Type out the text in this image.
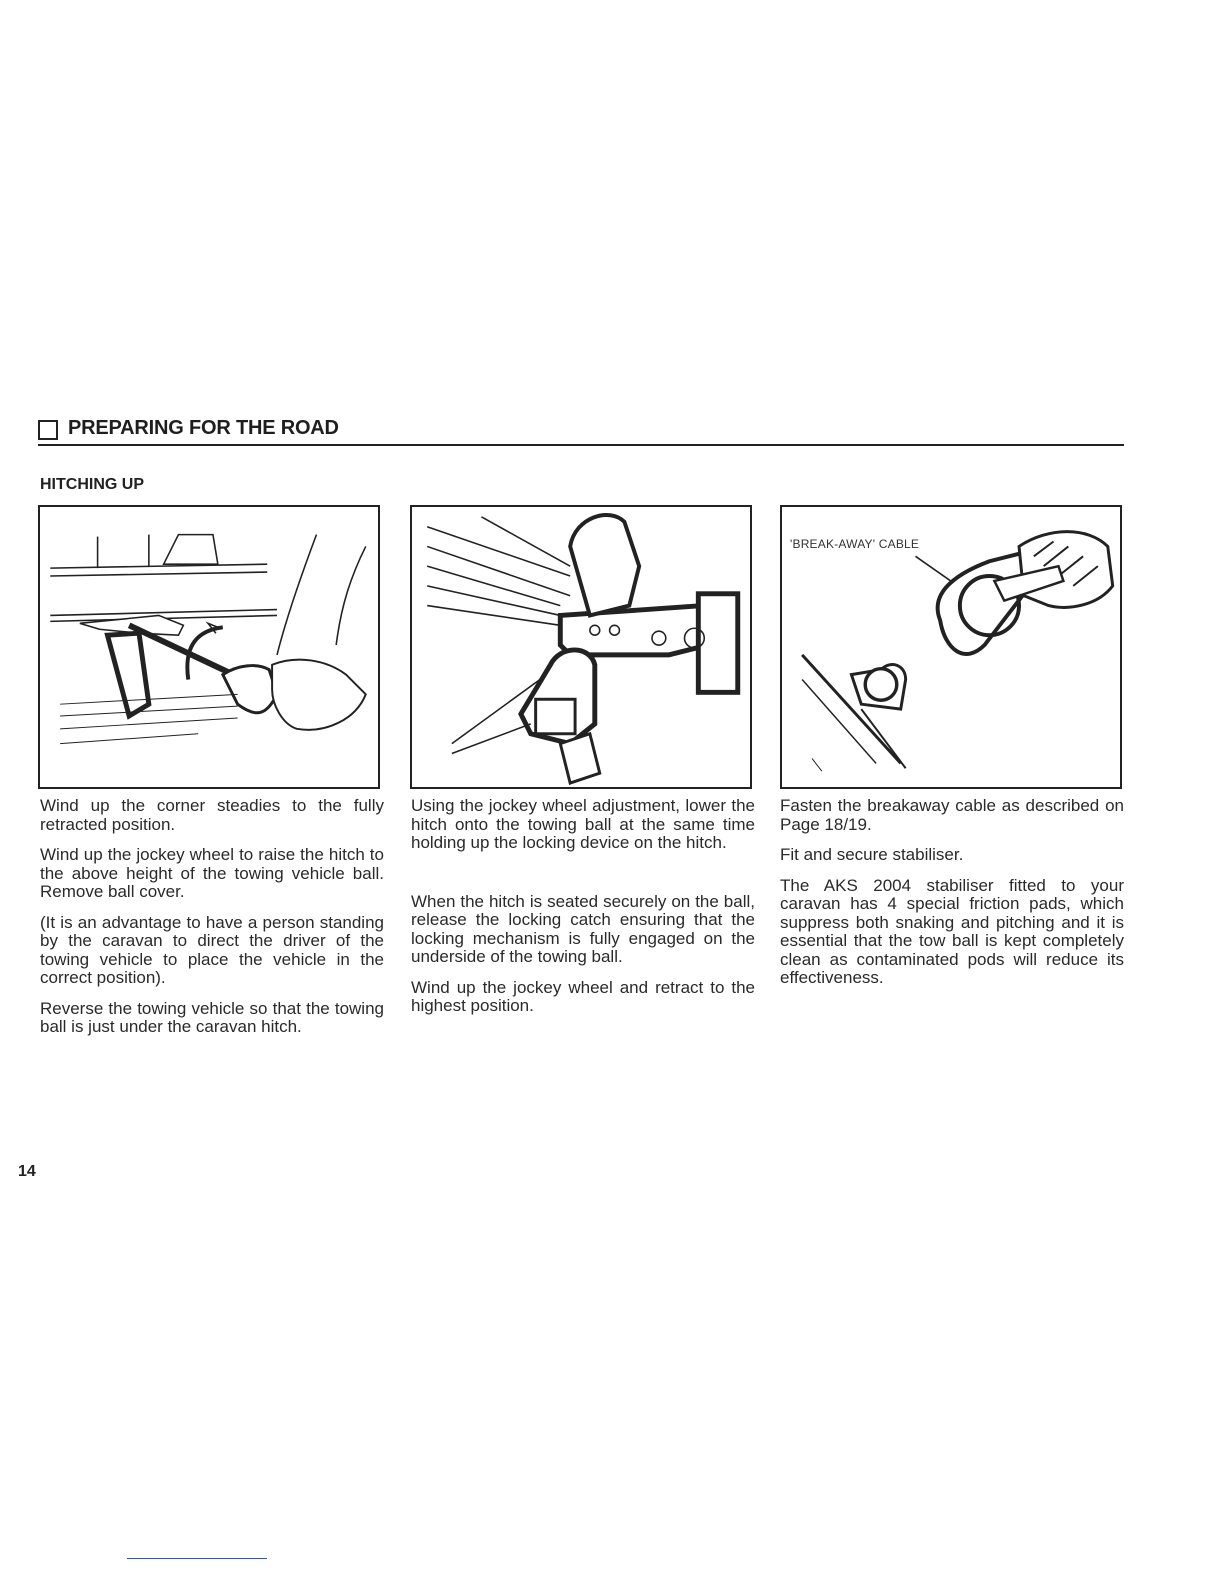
PREPARING FOR THE ROAD
HITCHING UP
'BREAK-AWAY' CABLE

Wind up the corner steadies to the fully retracted position.

Wind up the jockey wheel to raise the hitch to the above height of the towing vehicle ball. Remove ball cover.

(It is an advantage to have a person standing by the caravan to direct the driver of the towing vehicle to place the vehicle in the correct position).

Reverse the towing vehicle so that the towing ball is just under the caravan hitch.

Using the jockey wheel adjustment, lower the hitch onto the towing ball at the same time holding up the locking device on the hitch.

When the hitch is seated securely on the ball, release the locking catch ensuring that the locking mechanism is fully engaged on the underside of the towing ball.

Wind up the jockey wheel and retract to the highest position.

Fasten the breakaway cable as described on Page 18/19.

Fit and secure stabiliser.

The AKS 2004 stabiliser fitted to your caravan has 4 special friction pads, which suppress both snaking and pitching and it is essential that the tow ball is kept completely clean as contaminated pods will reduce its effectiveness.

14
